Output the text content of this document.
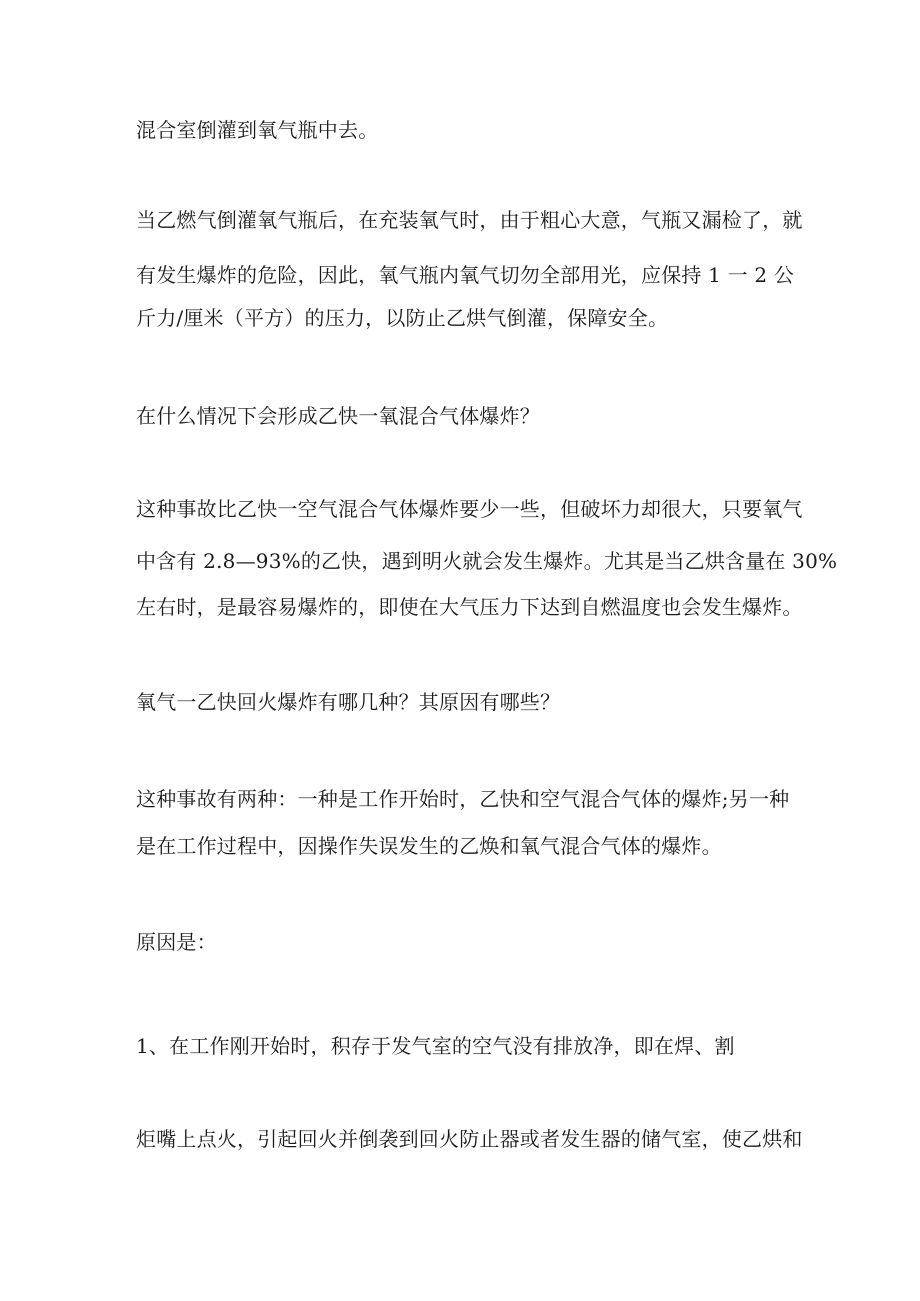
混合室倒灌到氧气瓶中去。
当乙燃气倒灌氧气瓶后，在充装氧气时，由于粗心大意，气瓶又漏检了，就
有发生爆炸的危险，因此，氧气瓶内氧气切勿全部用光，应保持 1 一 2 公
斤力/厘米（平方）的压力，以防止乙烘气倒灌，保障安全。
在什么情况下会形成乙快一氧混合气体爆炸？
这种事故比乙快一空气混合气体爆炸要少一些，但破坏力却很大，只要氧气
中含有 2.8—93%的乙快，遇到明火就会发生爆炸。尤其是当乙烘含量在 30%
左右时，是最容易爆炸的，即使在大气压力下达到自燃温度也会发生爆炸。
氧气一乙快回火爆炸有哪几种？其原因有哪些？
这种事故有两种：一种是工作开始时，乙快和空气混合气体的爆炸;另一种
是在工作过程中，因操作失误发生的乙焕和氧气混合气体的爆炸。
原因是：
1、在工作刚开始时，积存于发气室的空气没有排放净，即在焊、割
炬嘴上点火，引起回火并倒袭到回火防止器或者发生器的储气室，使乙烘和
